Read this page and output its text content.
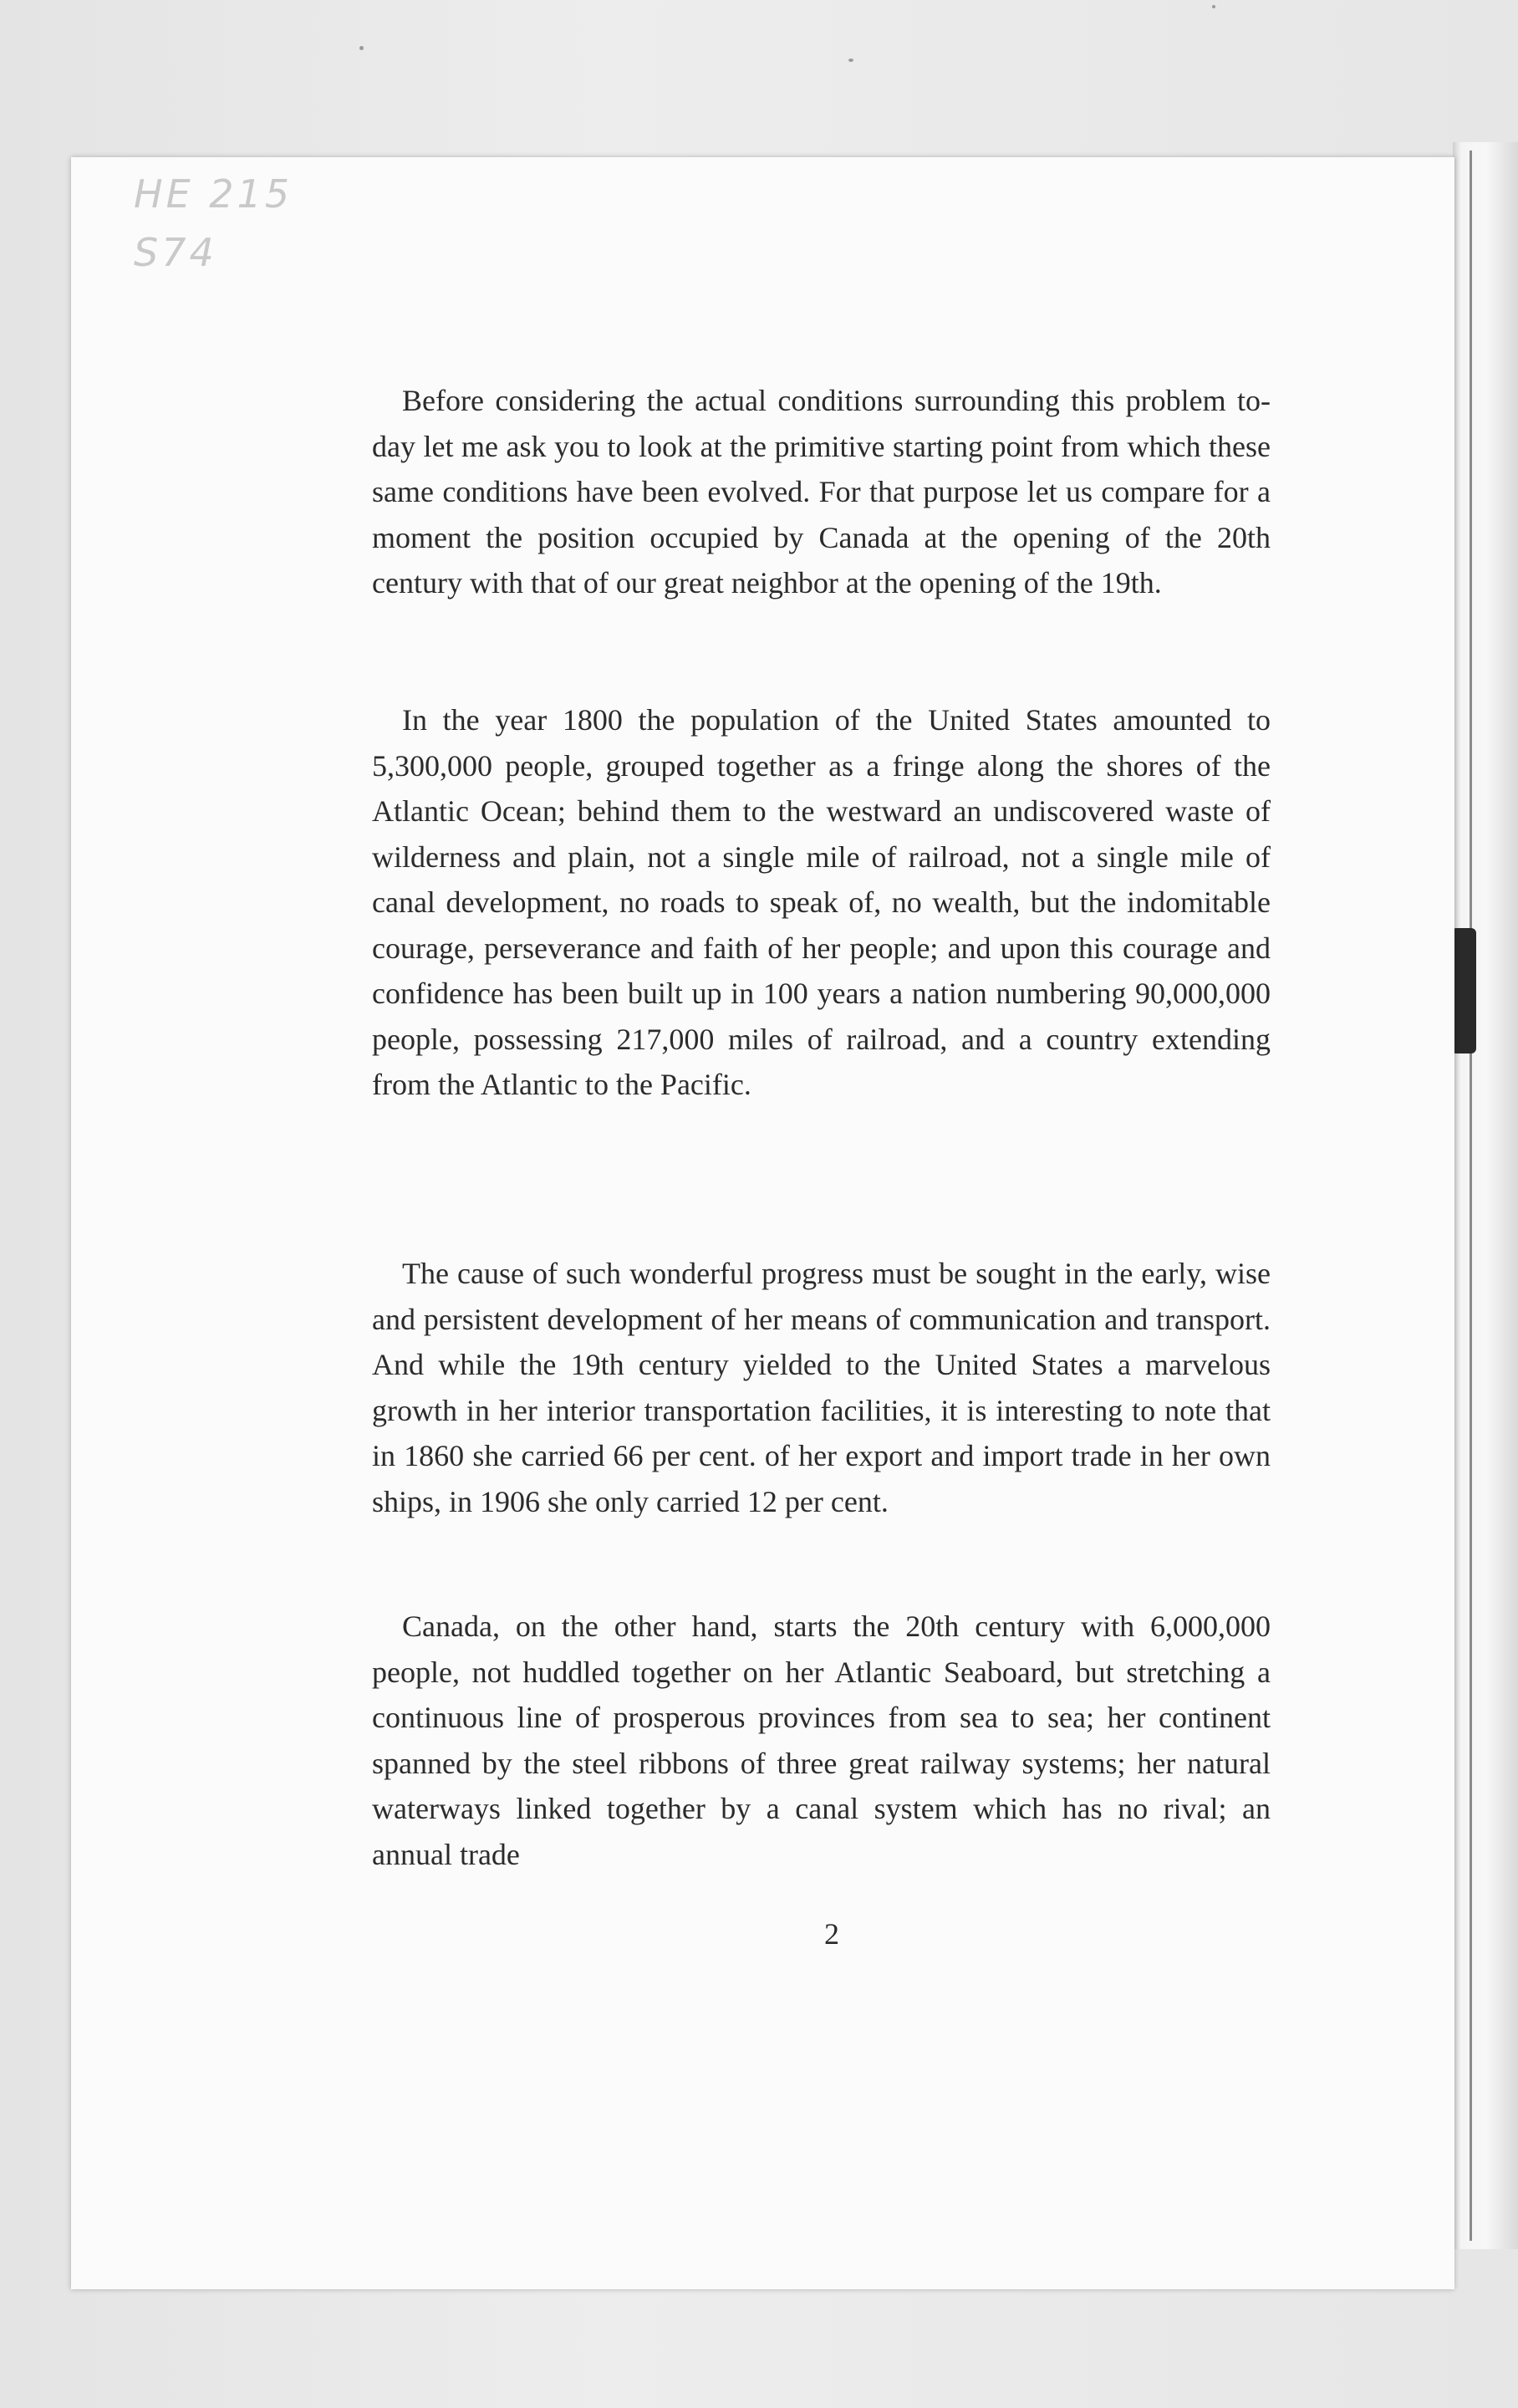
HE 215
S74

Before considering the actual conditions surrounding this problem to-day let me ask you to look at the primitive starting point from which these same conditions have been evolved. For that purpose let us compare for a moment the position occupied by Canada at the opening of the 20th century with that of our great neighbor at the opening of the 19th.

In the year 1800 the population of the United States amounted to 5,300,000 people, grouped together as a fringe along the shores of the Atlantic Ocean; behind them to the westward an undiscovered waste of wilderness and plain, not a single mile of railroad, not a single mile of canal development, no roads to speak of, no wealth, but the indomitable courage, perseverance and faith of her people; and upon this courage and confidence has been built up in 100 years a nation numbering 90,000,000 people, possessing 217,000 miles of railroad, and a country extending from the Atlantic to the Pacific.

The cause of such wonderful progress must be sought in the early, wise and persistent development of her means of communication and transport. And while the 19th century yielded to the United States a marvelous growth in her interior transportation facilities, it is interesting to note that in 1860 she carried 66 per cent. of her export and import trade in her own ships, in 1906 she only carried 12 per cent.

Canada, on the other hand, starts the 20th century with 6,000,000 people, not huddled together on her Atlantic Seaboard, but stretching a continuous line of prosperous provinces from sea to sea; her continent spanned by the steel ribbons of three great railway systems; her natural waterways linked together by a canal system which has no rival; an annual trade

2
